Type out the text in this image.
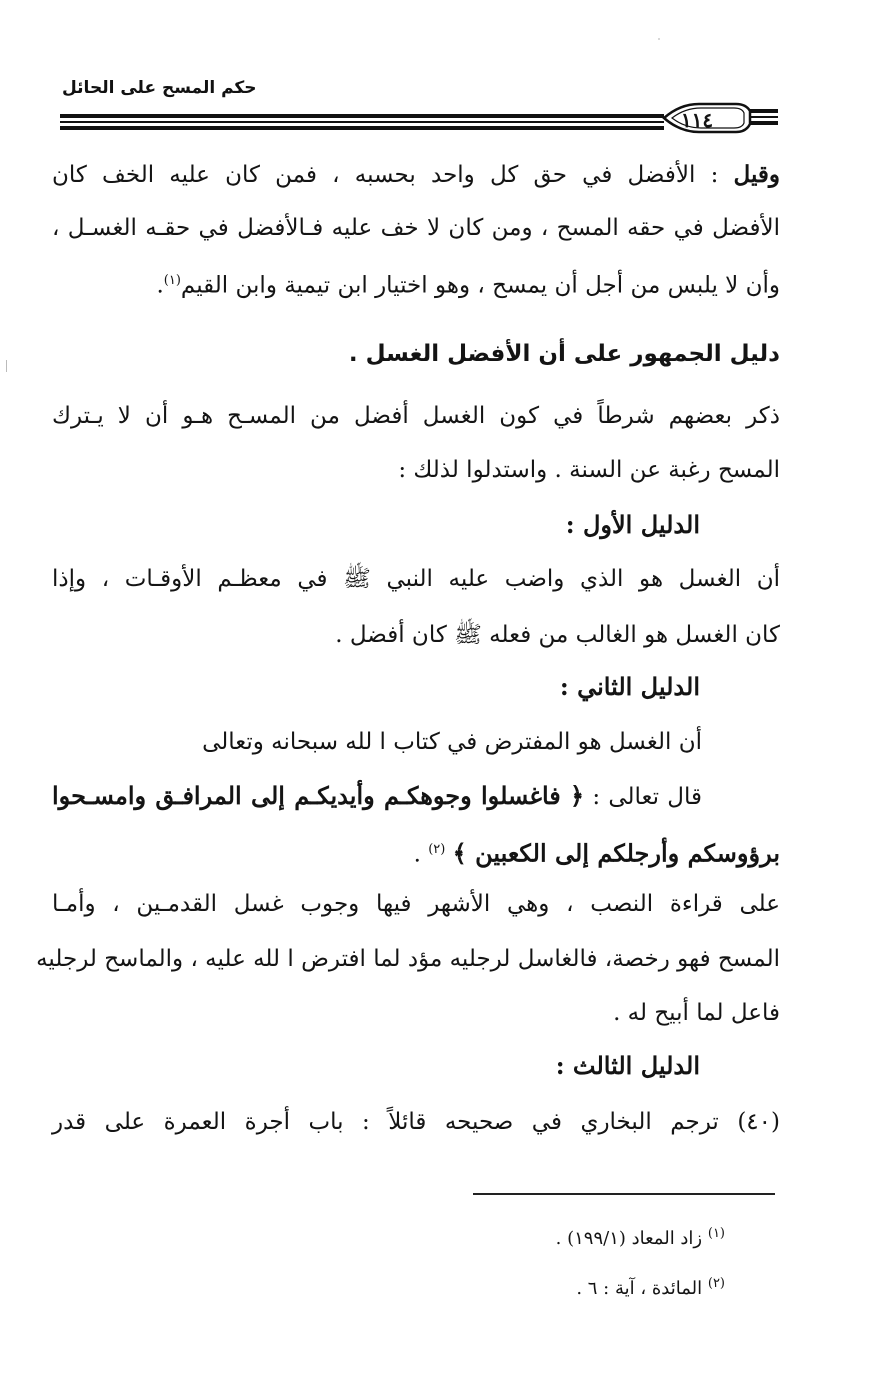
حكم المسح على الحائل
١١٤
وقيل : الأفضل في حق كل واحد بحسبه ، فمن كان عليه الخف كان
الأفضل في حقه المسح ، ومن كان لا خف عليه فـالأفضل في حقـه الغسـل ،
وأن لا يلبس من أجل أن يمسح ، وهو اختيار ابن تيمية وابن القيم$^{(١)}$.
دليل الجمهور على أن الأفضل الغسل .
ذكر بعضهم شرطاً في كون الغسل أفضل من المسـح هـو أن لا يـترك
المسح رغبة عن السنة . واستدلوا لذلك :
الدليل الأول :
أن الغسل هو الذي واضب عليه النبي ﷺ في معظـم الأوقـات ، وإذا
كان الغسل هو الغالب من فعله ﷺ كان أفضل .
الدليل الثاني :
أن الغسل هو المفترض في كتاب ا لله سبحانه وتعالى
قال تعالى : ﴿ فاغسلوا وجوهكـم وأيديكـم إلى المرافـق وامسـحوا
برؤوسكم وأرجلكم إلى الكعبين ﴾ $^{(٢)}$ .
على قراءة النصب ، وهي الأشهر فيها وجوب غسل القدمـين ، وأمـا
المسح فهو رخصة، فالغاسل لرجليه مؤد لما افترض ا لله عليه ، والماسح لرجليه
فاعل لما أبيح له .
الدليل الثالث :
(٤٠) ترجم البخاري في صحيحه قائلاً : باب أجرة العمرة على قدر
$^{(١)}$ زاد المعاد (١٩٩/١) .
$^{(٢)}$ المائدة ، آية : ٦ .
